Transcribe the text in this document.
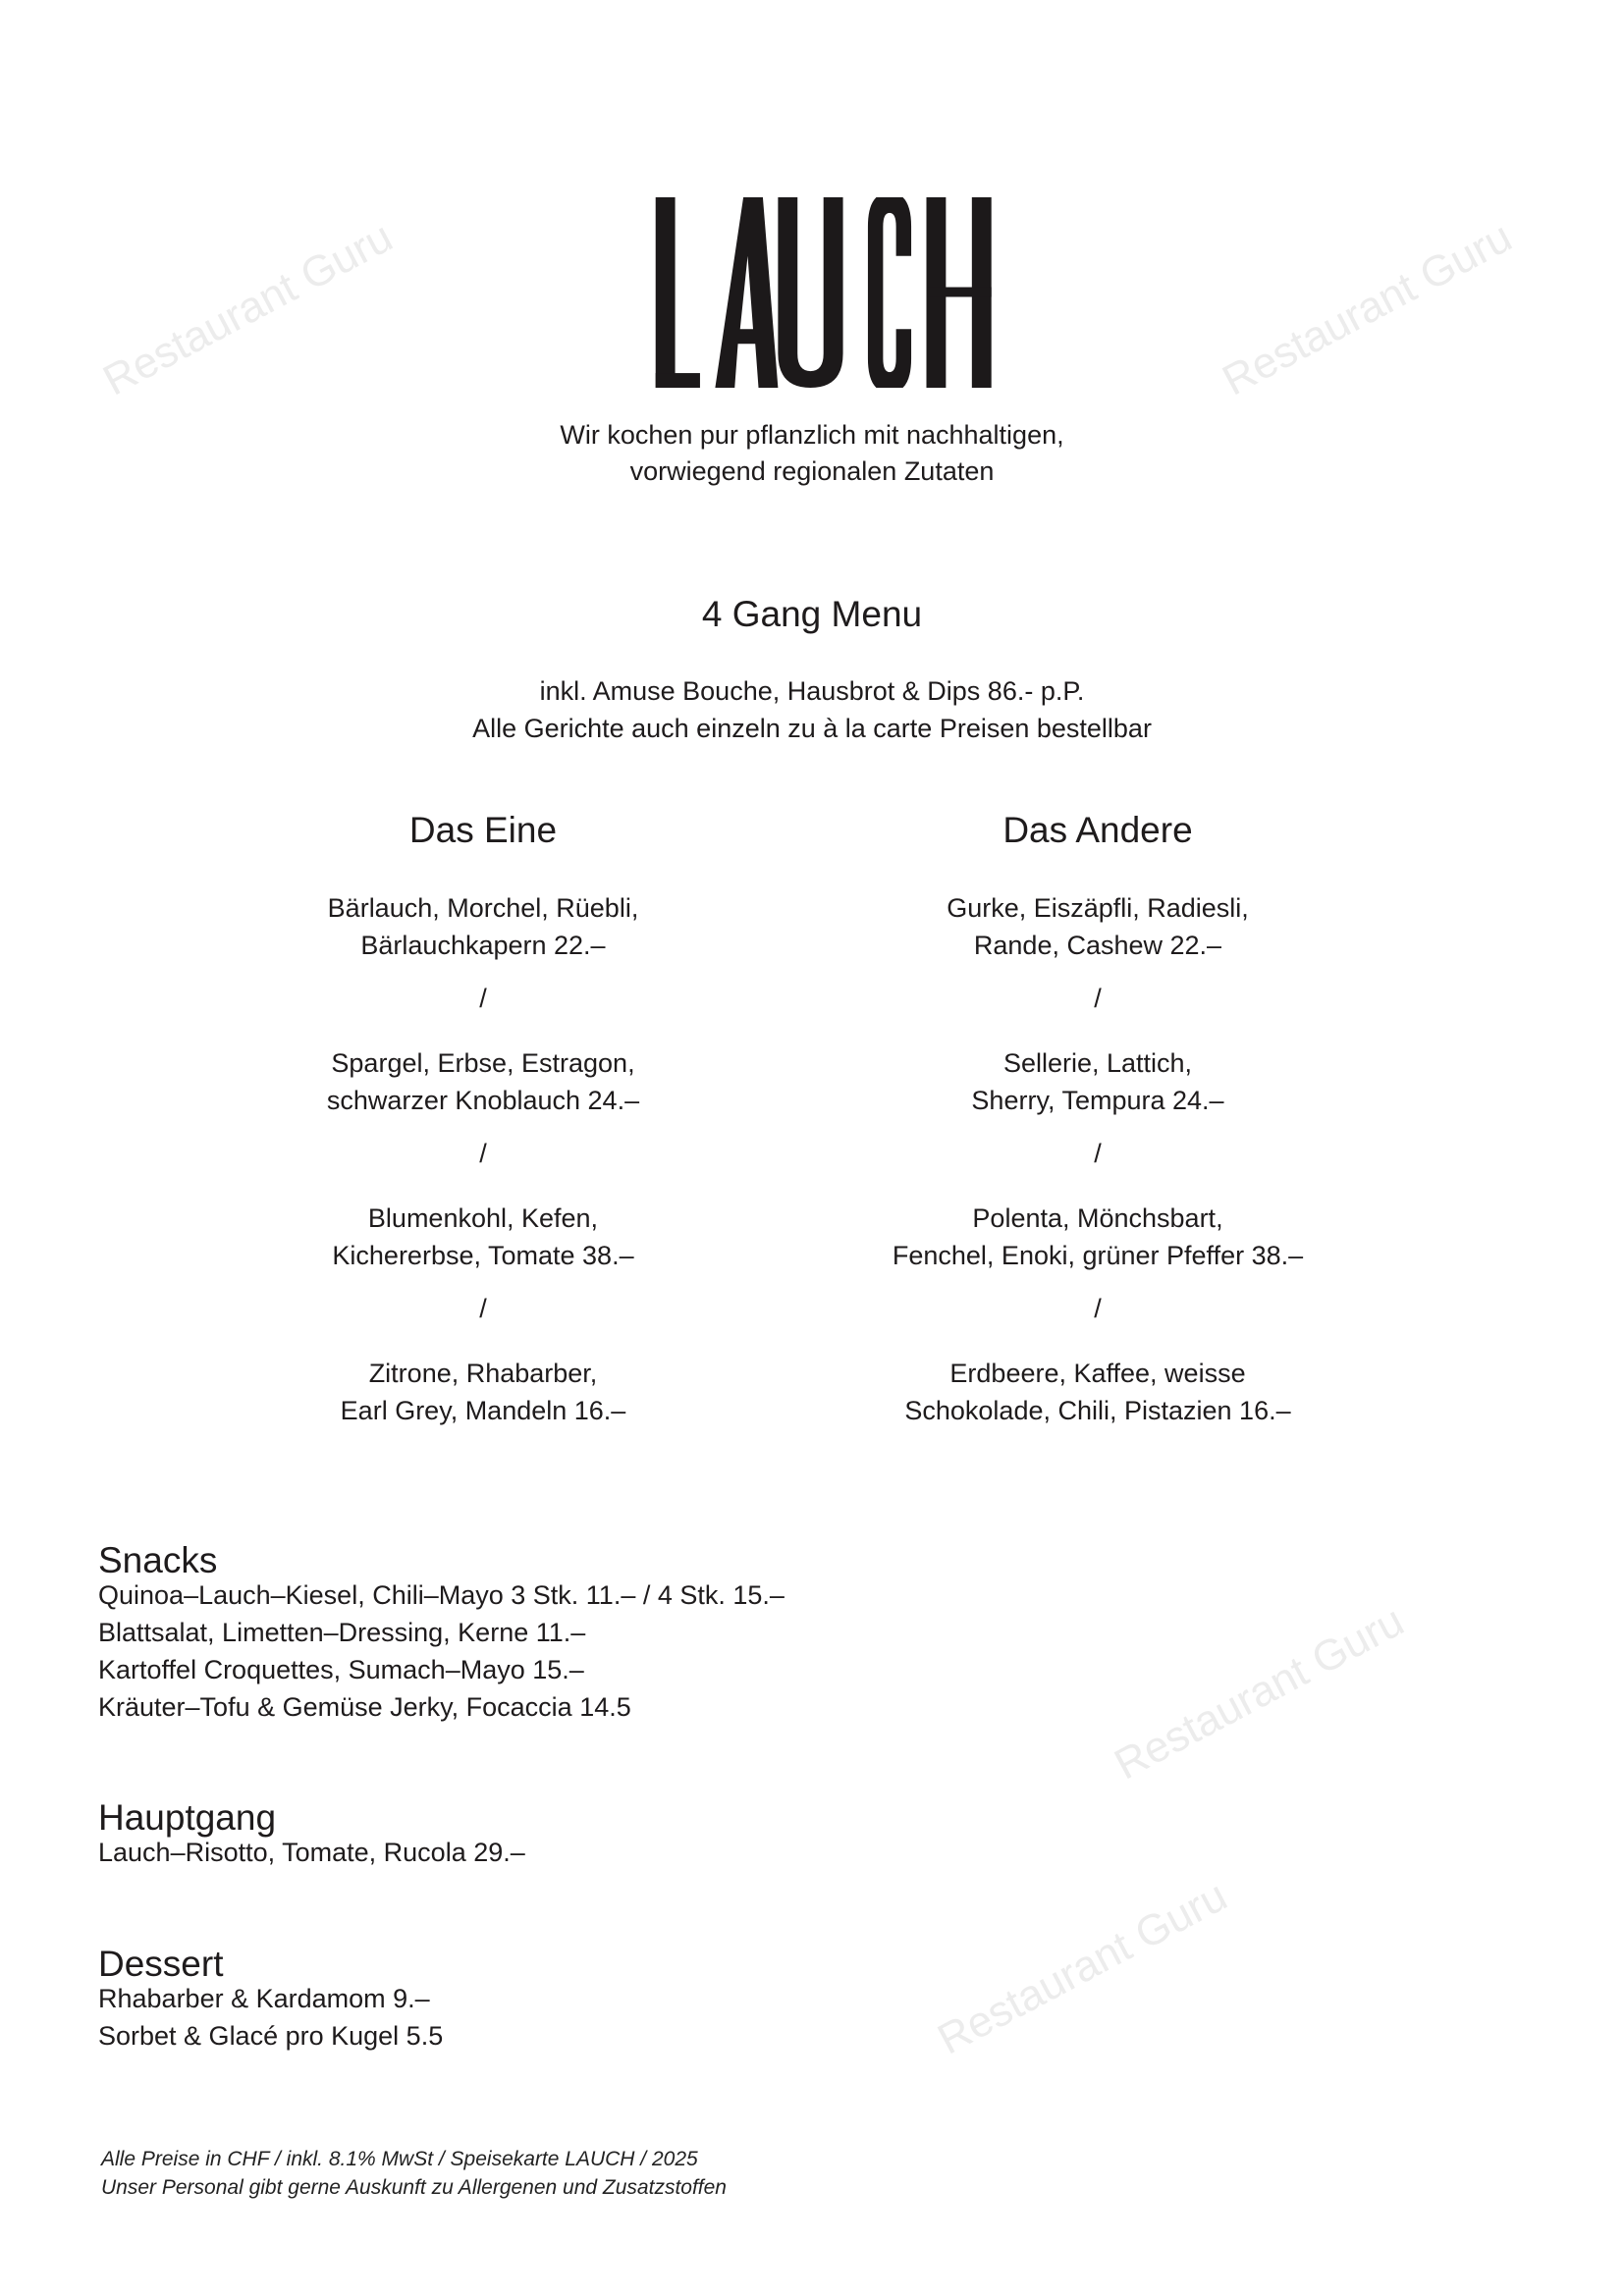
Restaurant Guru	Restaurant Guru
Restaurant Guru
Restaurant Guru
Wir kochen pur pflanzlich mit nachhaltigen,
vorwiegend regionalen Zutaten
4 Gang Menu
inkl. Amuse Bouche, Hausbrot & Dips 86.- p.P.
Alle Gerichte auch einzeln zu à la carte Preisen bestellbar
Das Eine
Bärlauch, Morchel, Rüebli,
Bärlauchkapern 22.–
/
Spargel, Erbse, Estragon,
schwarzer Knoblauch 24.–
/
Blumenkohl, Kefen,
Kichererbse, Tomate 38.–
/
Zitrone, Rhabarber,
Earl Grey, Mandeln 16.–
Das Andere
Gurke, Eiszäpfli, Radiesli,
Rande, Cashew 22.–
/
Sellerie, Lattich,
Sherry, Tempura 24.–
/
Polenta, Mönchsbart,
Fenchel, Enoki, grüner Pfeffer 38.–
/
Erdbeere, Kaffee, weisse
Schokolade, Chili, Pistazien 16.–
Snacks
Quinoa–Lauch–Kiesel, Chili–Mayo 3 Stk. 11.– / 4 Stk. 15.–
Blattsalat, Limetten–Dressing, Kerne 11.–
Kartoffel Croquettes, Sumach–Mayo 15.–
Kräuter–Tofu & Gemüse Jerky, Focaccia 14.5
Hauptgang
Lauch–Risotto, Tomate, Rucola 29.–
Dessert
Rhabarber & Kardamom 9.–
Sorbet & Glacé pro Kugel 5.5
Alle Preise in CHF / inkl. 8.1% MwSt / Speisekarte LAUCH / 2025
Unser Personal gibt gerne Auskunft zu Allergenen und Zusatzstoffen
